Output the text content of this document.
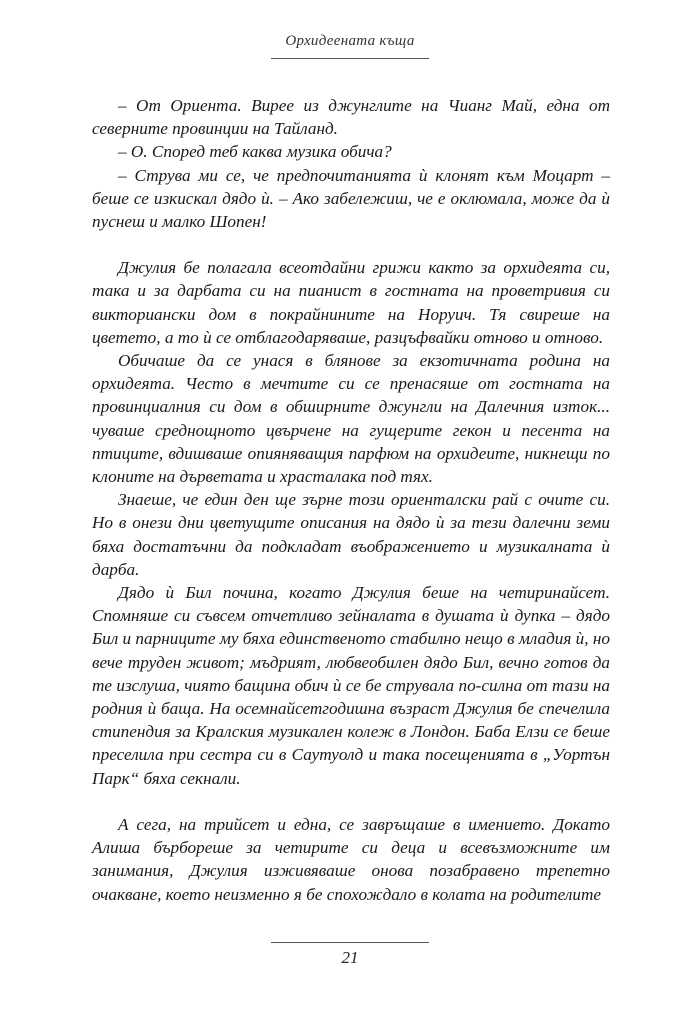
Орхидеената къща

– От Ориента. Виреe из джунглите на Чианг Май, една от северните провинции на Тайланд.

– О. Според теб каква музика обича?

– Струва ми се, че предпочитанията ѝ клонят към Моцарт – беше се изкискал дядо ѝ. – Ако забележиш, че е оклюмала, може да ѝ пуснеш и малко Шопен!

Джулия бе полагала всеотдайни грижи както за орхидеята си, така и за дарбата си на пианист в гостната на проветривия си викториански дом в покрайнините на Норуич. Тя свиреше на цветето, а то ѝ се отблагодаряваше, разцъфвайки отново и отново.

Обичаше да се унася в блянове за екзотичната родина на орхидеята. Често в мечтите си се пренасяше от гостната на провинциалния си дом в обширните джунгли на Далечния изток... чуваше среднощното цвърчене на гущерите гекон и песента на птиците, вдишваше опияняващия парфюм на орхидеите, никнещи по клоните на дърветата и храсталака под тях.

Знаеше, че един ден ще зърне този ориенталски рай с очите си. Но в онези дни цветущите описания на дядо ѝ за тези далечни земи бяха достатъчни да подкладат въображението и музикалната ѝ дарба.

Дядо ѝ Бил почина, когато Джулия беше на четиринайсет. Спомняше си съвсем отчетливо зейналата в душата ѝ дупка – дядо Бил и парниците му бяха единственото стабилно нещо в младия ѝ, но вече труден живот; мъдрият, любвеобилен дядо Бил, вечно готов да те изслуша, чиято бащина обич ѝ се бе струвала по-силна от тази на родния ѝ баща. На осемнайсетгодишна възраст Джулия бе спечелила стипендия за Кралския музикален колеж в Лондон. Баба Елзи се беше преселила при сестра си в Саутуолд и така посещенията в „Уортън Парк“ бяха секнали.

А сега, на трийсет и една, се завръщаше в имението. Докато Алиша бърбореше за четирите си деца и всевъзможните им занимания, Джулия изживяваше онова позабравено трепетно очакване, което неизменно я бе спохождало в колата на родителите

21
